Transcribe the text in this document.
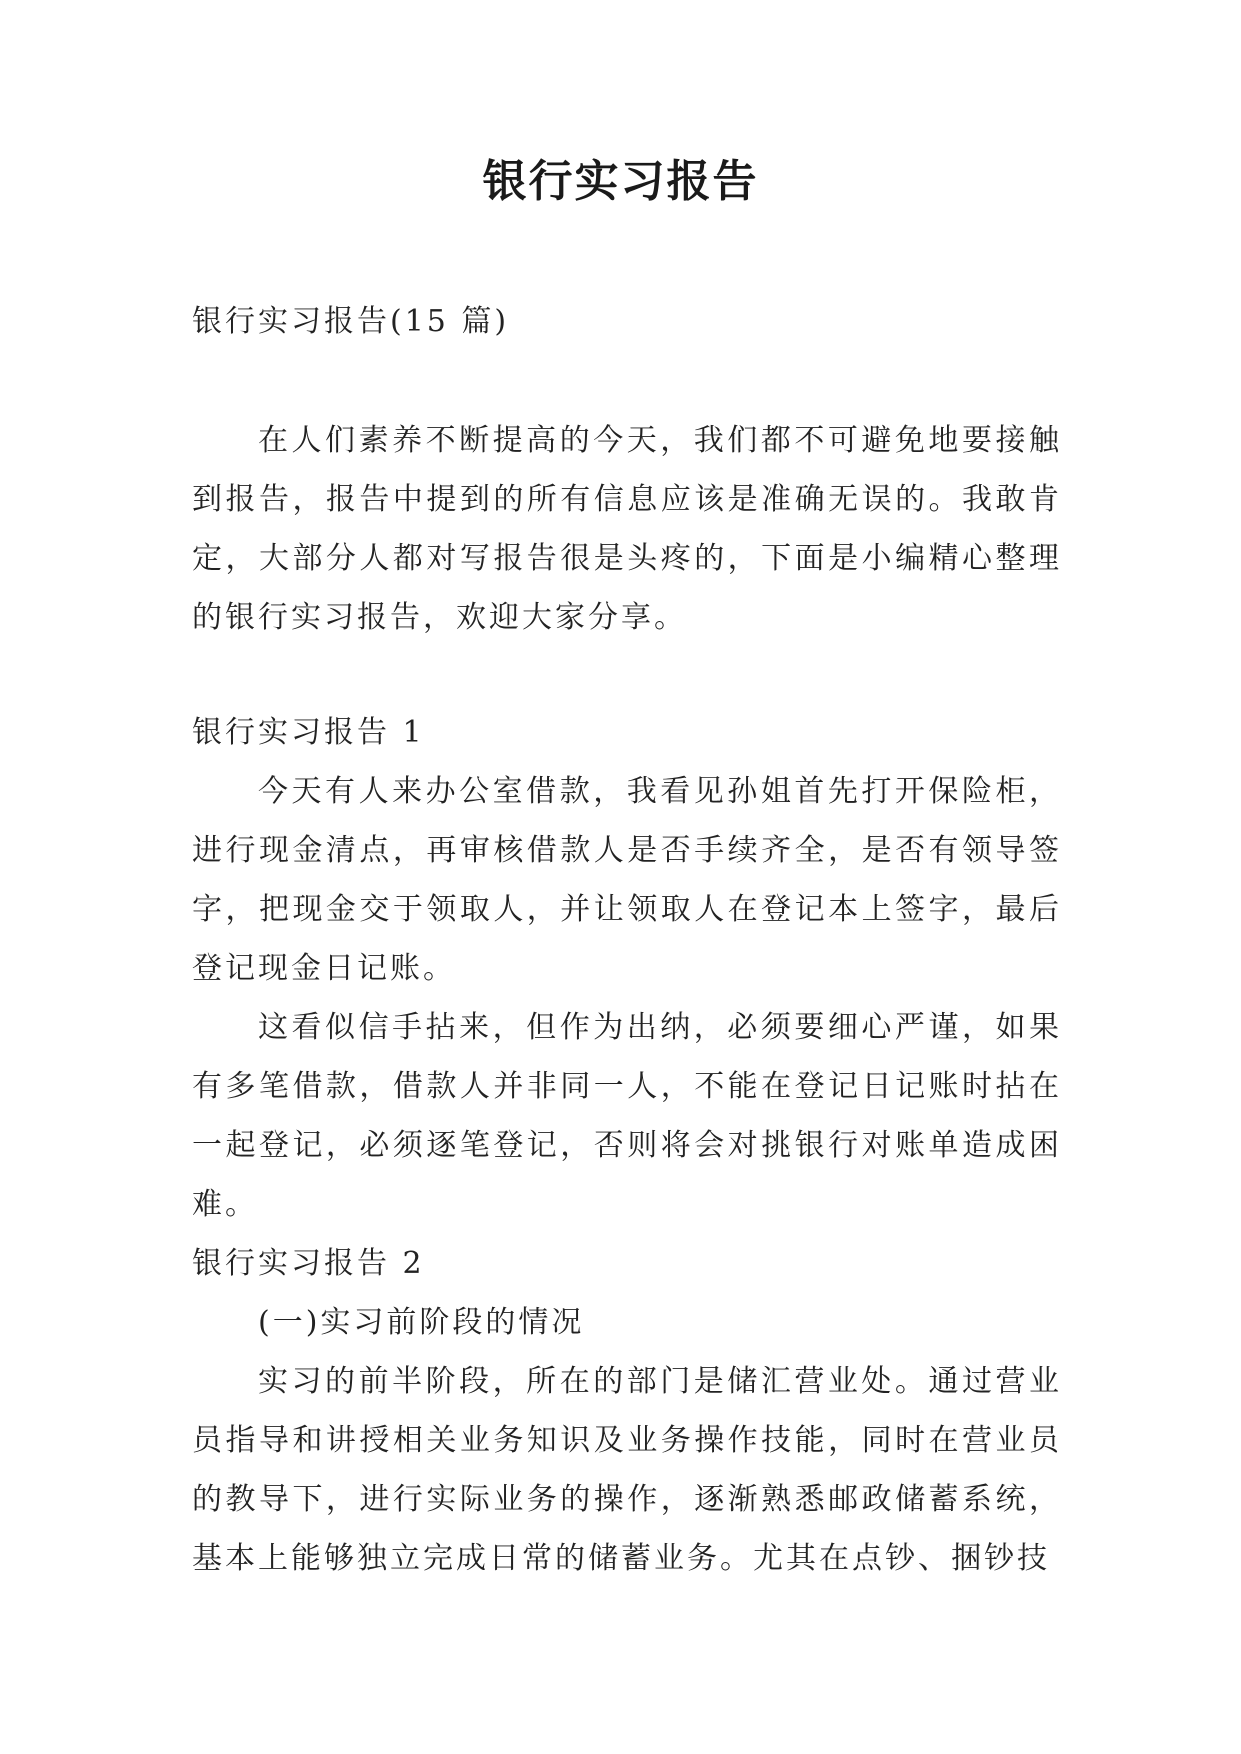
银行实习报告

银行实习报告(15 篇)

在人们素养不断提高的今天，我们都不可避免地要接触到报告，报告中提到的所有信息应该是准确无误的。我敢肯定，大部分人都对写报告很是头疼的，下面是小编精心整理的银行实习报告，欢迎大家分享。

银行实习报告 1

今天有人来办公室借款，我看见孙姐首先打开保险柜，进行现金清点，再审核借款人是否手续齐全，是否有领导签字，把现金交于领取人，并让领取人在登记本上签字，最后登记现金日记账。

这看似信手拈来，但作为出纳，必须要细心严谨，如果有多笔借款，借款人并非同一人，不能在登记日记账时拈在一起登记，必须逐笔登记，否则将会对挑银行对账单造成困难。

银行实习报告 2

(一)实习前阶段的情况

实习的前半阶段，所在的部门是储汇营业处。通过营业员指导和讲授相关业务知识及业务操作技能，同时在营业员的教导下，进行实际业务的操作，逐渐熟悉邮政储蓄系统，基本上能够独立完成日常的储蓄业务。尤其在点钞、捆钞技
